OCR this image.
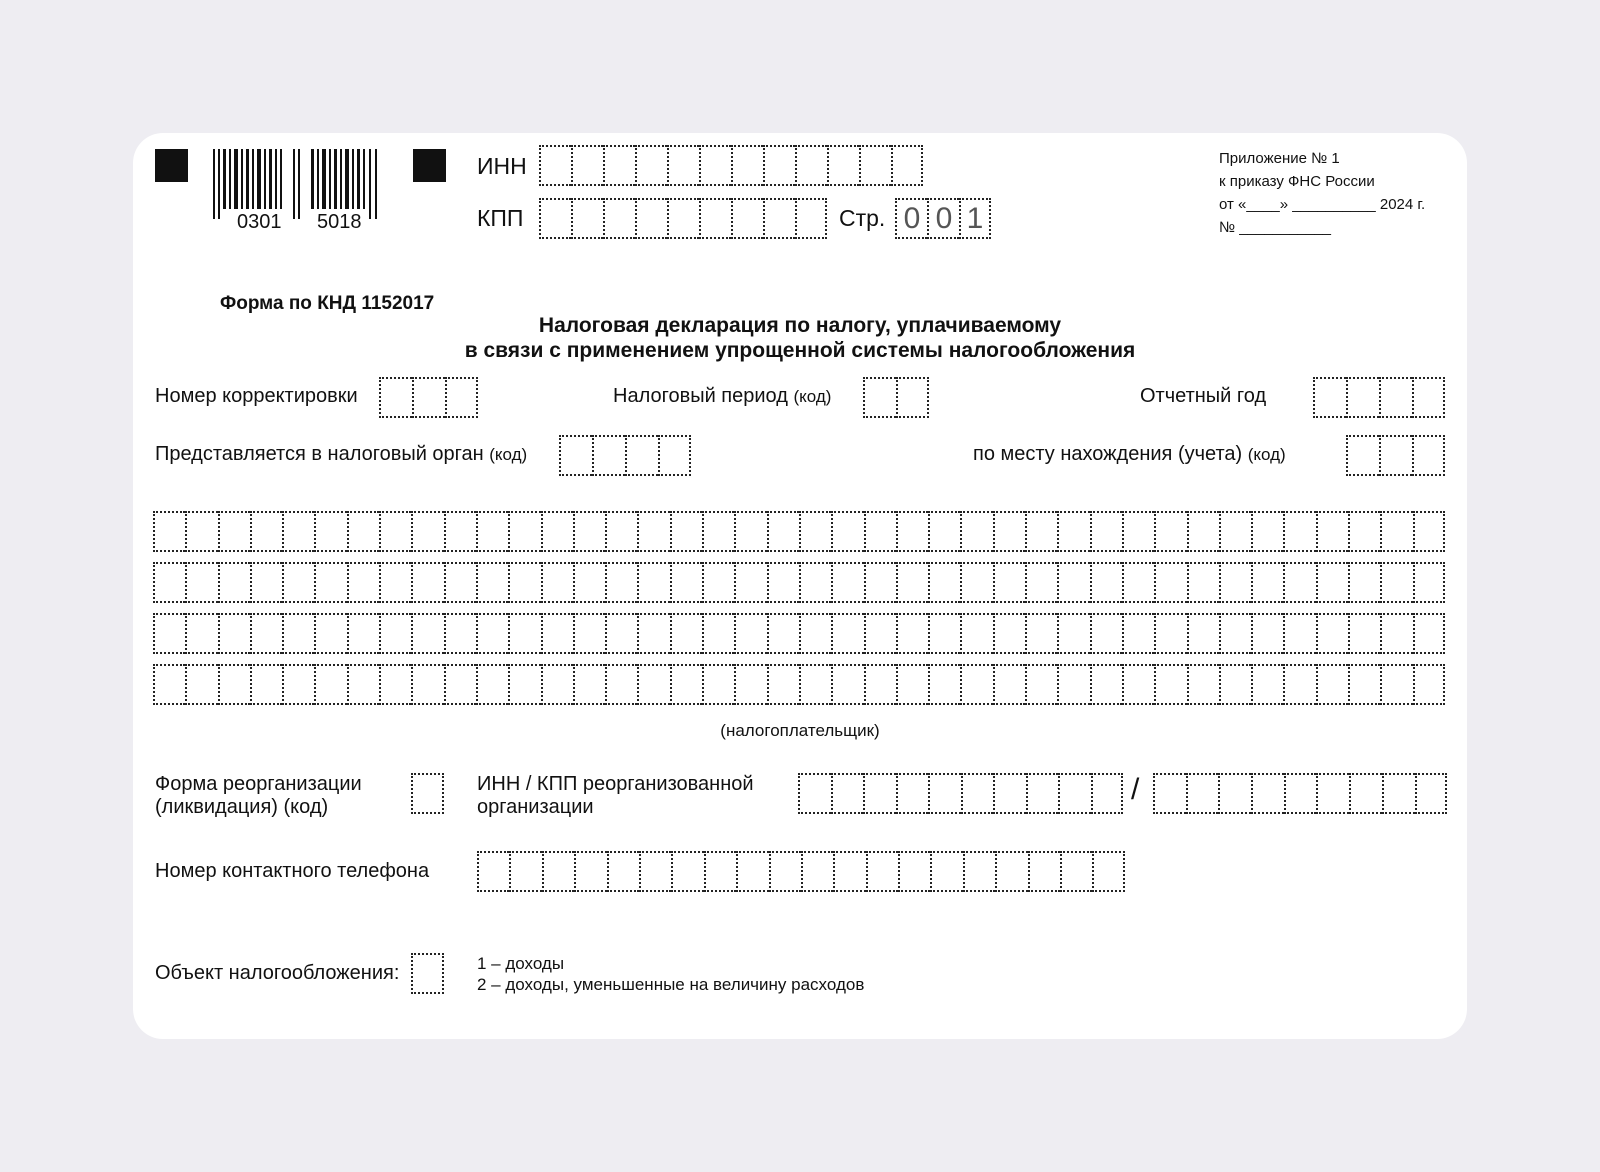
0301 5018
ИНН
КПП	Стр. 0 0 1
Приложение № 1
к приказу ФНС России
от «____» __________ 2024 г.
№ ___________
Форма по КНД 1152017
Налоговая декларация по налогу, уплачиваемому
в связи с применением упрощенной системы налогообложения
Номер корректировки	Налоговый период (код)	Отчетный год
Представляется в налоговый орган (код)	по месту нахождения (учета) (код)
(налогоплательщик)
Форма реорганизации
(ликвидация) (код)
ИНН / КПП реорганизованной
организации
/
Номер контактного телефона
Объект налогообложения:	1 – доходы
2 – доходы, уменьшенные на величину расходов
